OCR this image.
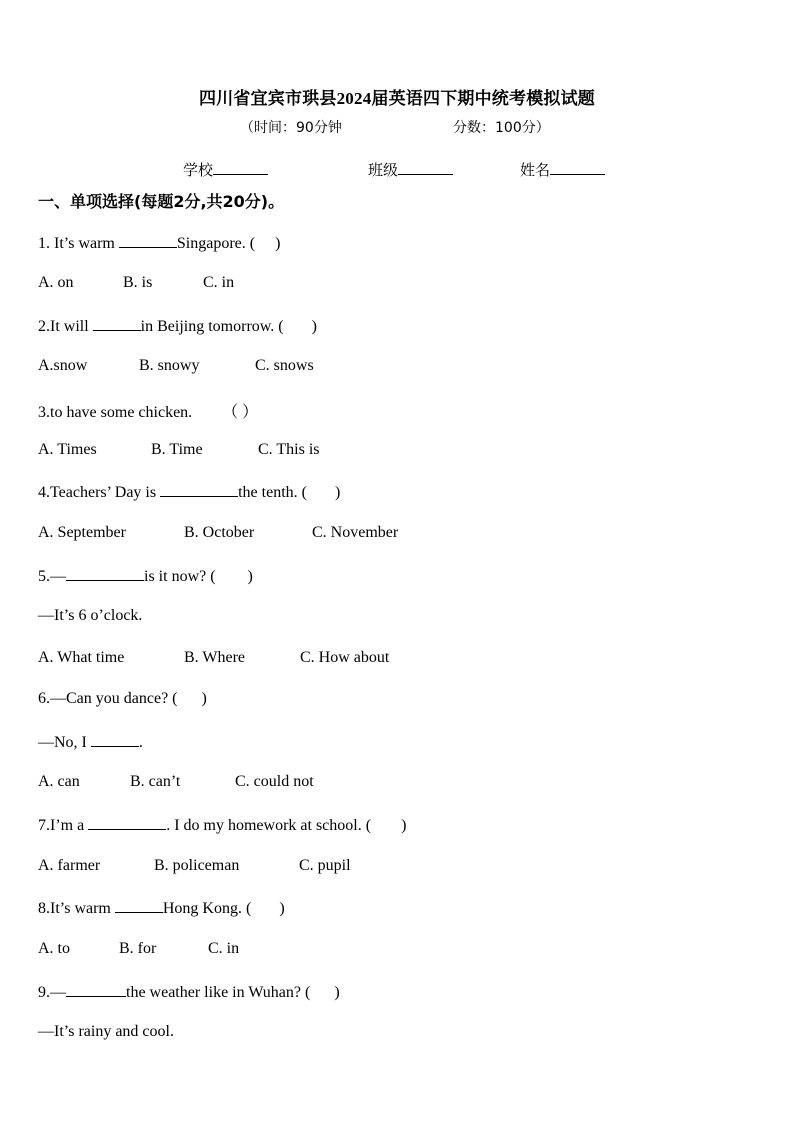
四川省宜宾市珙县2024届英语四下期中统考模拟试题
（时间：90分钟	分数：100分）
学校	班级	姓名
一、单项选择(每题2分,共20分)。
1. It’s warm	Singapore. ( )
A. on	B. is	C. in
2.It will	in Beijing tomorrow. ( )
A.snow	B. snowy	C. snows
3.to have some chicken. （ ）
A. Times	B. Time	C. This is
4.Teachers’ Day is	the tenth. ( )
A. September	B. October	C. November
5.—	is it now? ( )
—It’s 6 o’clock.
A. What time	B. Where	C. How about
6.—Can you dance? ( )
—No, I	.
A. can	B. can’t	C. could not
7.I’m a	. I do my homework at school. ( )
A. farmer	B. policeman	C. pupil
8.It’s warm	Hong Kong. ( )
A. to	B. for	C. in
9.—	the weather like in Wuhan? ( )
—It’s rainy and cool.
